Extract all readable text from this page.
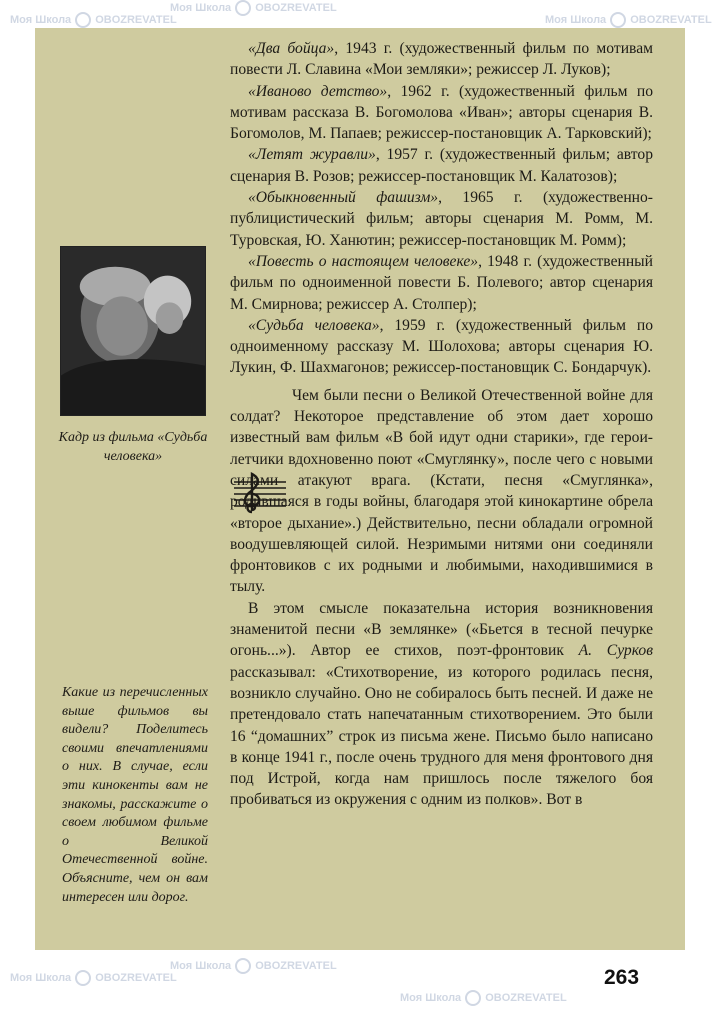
Моя Школа OBOZREVATEL
Моя Школа OBOZREVATEL
Моя Школа OBOZREVATEL
Моя Школа OBOZREVATEL
Моя Школа OBOZREVATEL
Моя Школа OBOZREVATEL

«Два бойца», 1943 г. (художественный фильм по мотивам повести Л. Славина «Мои земляки»; режиссер Л. Луков);

«Иваново детство», 1962 г. (художественный фильм по мотивам рассказа В. Богомолова «Иван»; авторы сценария В. Богомолов, М. Папаев; режиссер-постановщик А. Тарковский);

«Летят журавли», 1957 г. (художественный фильм; автор сценария В. Розов; режиссер-постановщик М. Калатозов);

«Обыкновенный фашизм», 1965 г. (художественно-публицистический фильм; авторы сценария М. Ромм, М. Туровская, Ю. Ханютин; режиссер-постановщик М. Ромм);

«Повесть о настоящем человеке», 1948 г. (художественный фильм по одноименной повести Б. Полевого; автор сценария М. Смирнова; режиссер А. Столпер);

«Судьба человека», 1959 г. (художественный фильм по одноименному рассказу М. Шолохова; авторы сценария Ю. Лукин, Ф. Шахмагонов; режиссер-постановщик С. Бондарчук).

Чем были песни о Великой Отечественной войне для солдат? Некоторое представление об этом дает хорошо известный вам фильм «В бой идут одни старики», где герои-летчики вдохновенно поют «Смуглянку», после чего с новыми силами атакуют врага. (Кстати, песня «Смуглянка», родившаяся в годы войны, благодаря этой кинокартине обрела «второе дыхание».) Действительно, песни обладали огромной воодушевляющей силой. Незримыми нитями они соединяли фронтовиков с их родными и любимыми, находившимися в тылу.

В этом смысле показательна история возникновения знаменитой песни «В землянке» («Бьется в тесной печурке огонь...»). Автор ее стихов, поэт-фронтовик А. Сурков рассказывал: «Стихотворение, из которого родилась песня, возникло случайно. Оно не собиралось быть песней. И даже не претендовало стать напечатанным стихотворением. Это были 16 “домашних” строк из письма жене. Письмо было написано в конце 1941 г., после очень трудного для меня фронтового дня под Истрой, когда нам пришлось после тяжелого боя пробиваться из окружения с одним из полков». Вот в

Кадр из фильма «Судьба человека»
Какие из перечисленных выше фильмов вы видели? Поделитесь своими впечатлениями о них. В случае, если эти кинокенты вам не знакомы, расскажите о своем любимом фильме о Великой Отечественной войне. Объясните, чем он вам интересен или дорог.
263
